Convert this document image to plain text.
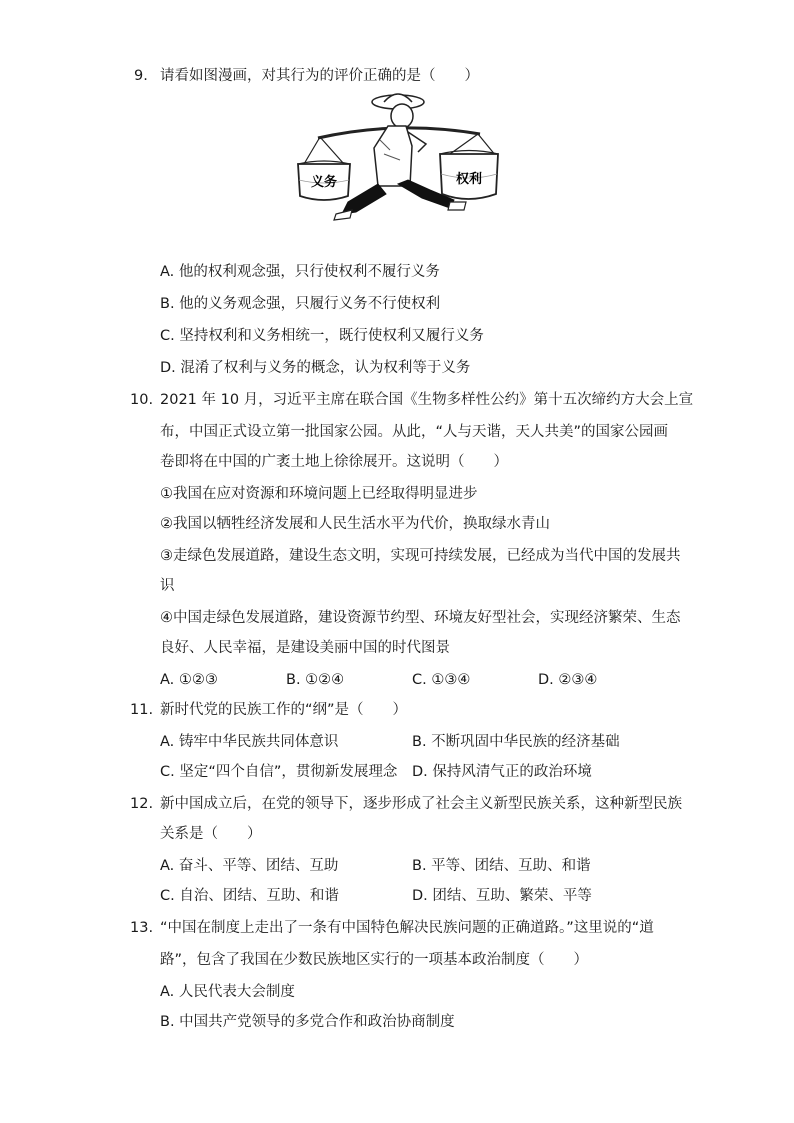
9. 请看如图漫画，对其行为的评价正确的是（　　）
义务	权利
A. 他的权利观念强，只行使权利不履行义务
B. 他的义务观念强，只履行义务不行使权利
C. 坚持权利和义务相统一，既行使权利又履行义务
D. 混淆了权利与义务的概念，认为权利等于义务
10. 2021 年 10 月，习近平主席在联合国《生物多样性公约》第十五次缔约方大会上宣
布，中国正式设立第一批国家公园。从此，“人与天谐，天人共美”的国家公园画
卷即将在中国的广袤土地上徐徐展开。这说明（　　）
①我国在应对资源和环境问题上已经取得明显进步
②我国以牺牲经济发展和人民生活水平为代价，换取绿水青山
③走绿色发展道路，建设生态文明，实现可持续发展，已经成为当代中国的发展共
识
④中国走绿色发展道路，建设资源节约型、环境友好型社会，实现经济繁荣、生态
良好、人民幸福，是建设美丽中国的时代图景
A. ①②③	B. ①②④	C. ①③④	D. ②③④
11. 新时代党的民族工作的“纲”是（　　）
A. 铸牢中华民族共同体意识	B. 不断巩固中华民族的经济基础
C. 坚定“四个自信”，贯彻新发展理念 D. 保持风清气正的政治环境
12. 新中国成立后，在党的领导下，逐步形成了社会主义新型民族关系，这种新型民族
关系是（　　）
A. 奋斗、平等、团结、互助	B. 平等、团结、互助、和谐
C. 自治、团结、互助、和谐	D. 团结、互助、繁荣、平等
13. “中国在制度上走出了一条有中国特色解决民族问题的正确道路。”这里说的“道
路”，包含了我国在少数民族地区实行的一项基本政治制度（　　）
A. 人民代表大会制度
B. 中国共产党领导的多党合作和政治协商制度
